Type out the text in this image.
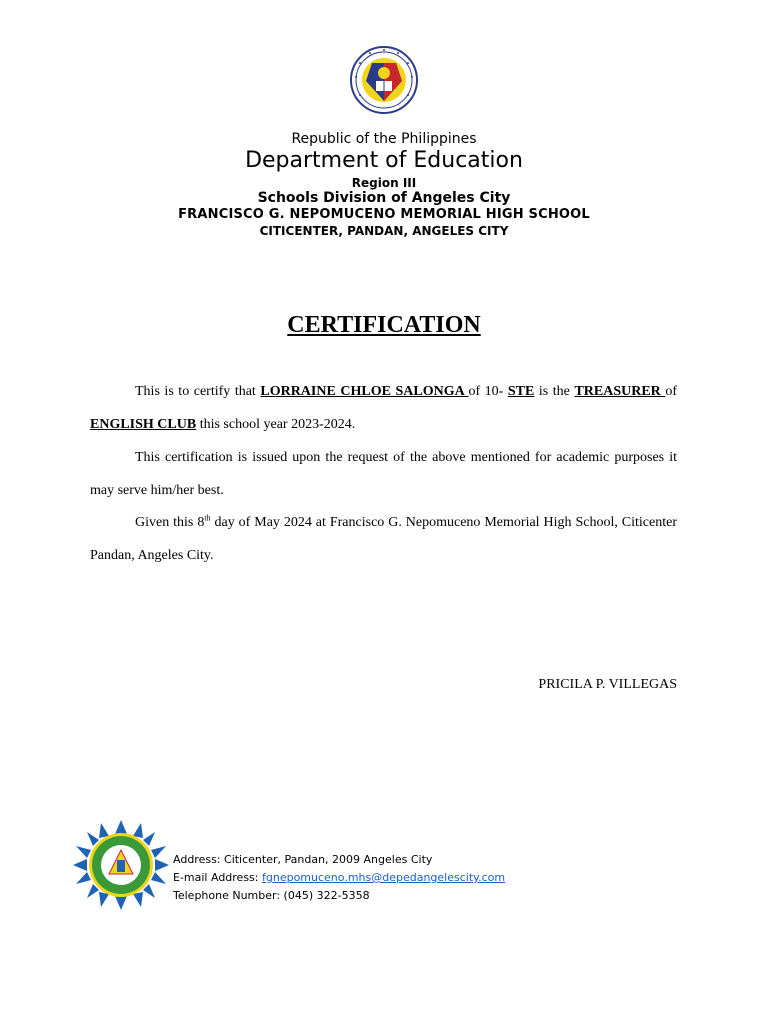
Republic of the Philippines
Department of Education
Region III
Schools Division of Angeles City
FRANCISCO G. NEPOMUCENO MEMORIAL HIGH SCHOOL
CITICENTER, PANDAN, ANGELES CITY
CERTIFICATION
This is to certify that LORRAINE CHLOE SALONGA of 10- STE is the TREASURER of ENGLISH CLUB this school year 2023-2024.
This certification is issued upon the request of the above mentioned for academic purposes it may serve him/her best.
Given this 8th day of May 2024 at Francisco G. Nepomuceno Memorial High School, Citicenter Pandan, Angeles City.
PRICILA P. VILLEGAS
Address: Citicenter, Pandan, 2009 Angeles City
E-mail Address: fgnepomuceno.mhs@depedangelescity.com
Telephone Number: (045) 322-5358
